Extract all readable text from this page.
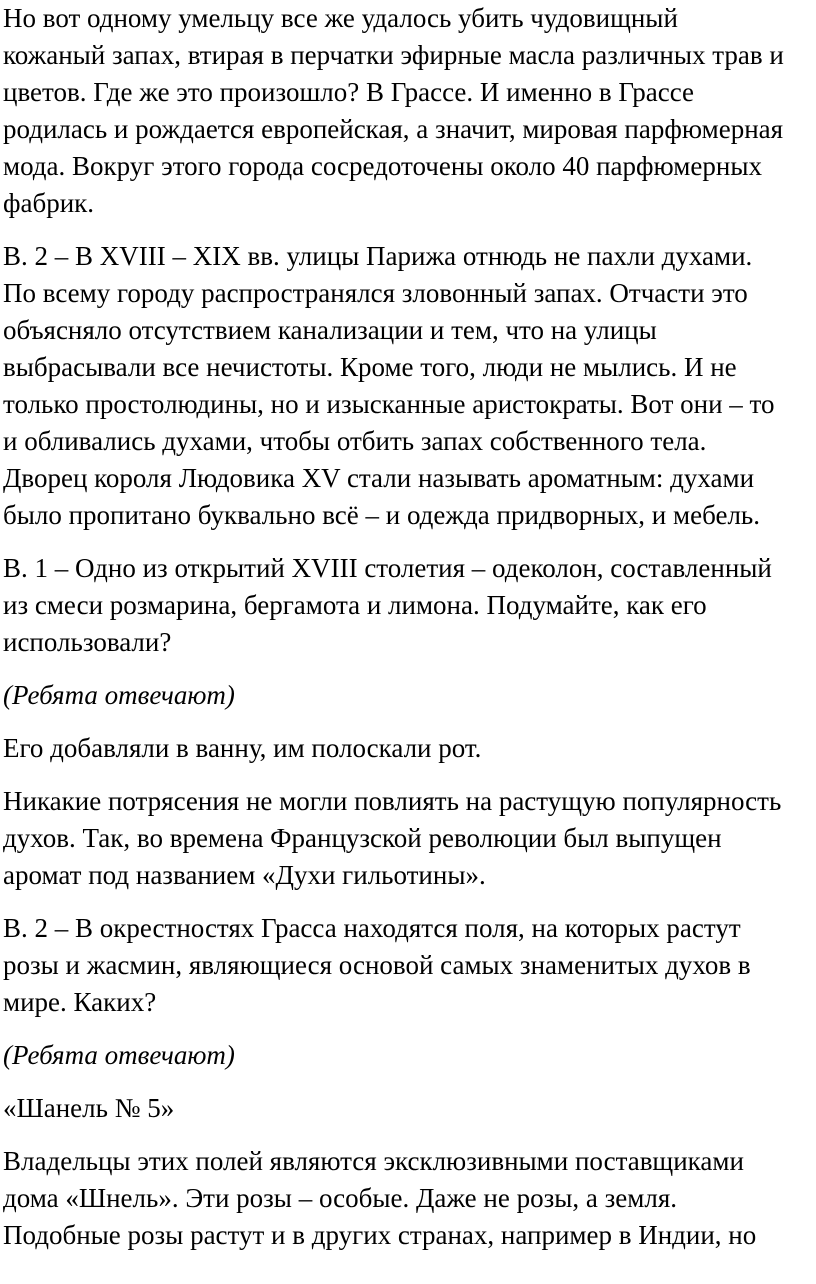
Но вот одному умельцу все же удалось убить чудовищный
кожаный запах, втирая в перчатки эфирные масла различных трав и
цветов. Где же это произошло? В Грассе. И именно в Грассе
родилась и рождается европейская, а значит, мировая парфюмерная
мода. Вокруг этого города сосредоточены около 40 парфюмерных
фабрик.
В. 2 – В XVIII – XIX вв. улицы Парижа отнюдь не пахли духами.
По всему городу распространялся зловонный запах. Отчасти это
объясняло отсутствием канализации и тем, что на улицы
выбрасывали все нечистоты. Кроме того, люди не мылись. И не
только простолюдины, но и изысканные аристократы. Вот они – то
и обливались духами, чтобы отбить запах собственного тела.
Дворец короля Людовика XV стали называть ароматным: духами
было пропитано буквально всё – и одежда придворных, и мебель.
В. 1 – Одно из открытий XVIII столетия – одеколон, составленный
из смеси розмарина, бергамота и лимона. Подумайте, как его
использовали?
(Ребята отвечают)
Его добавляли в ванну, им полоскали рот.
Никакие потрясения не могли повлиять на растущую популярность
духов. Так, во времена Французской революции был выпущен
аромат под названием «Духи гильотины».
В. 2 – В окрестностях Грасса находятся поля, на которых растут
розы и жасмин, являющиеся основой самых знаменитых духов в
мире. Каких?
(Ребята отвечают)
«Шанель № 5»
Владельцы этих полей являются эксклюзивными поставщиками
дома «Шнель». Эти розы – особые. Даже не розы, а земля.
Подобные розы растут и в других странах, например в Индии, но
